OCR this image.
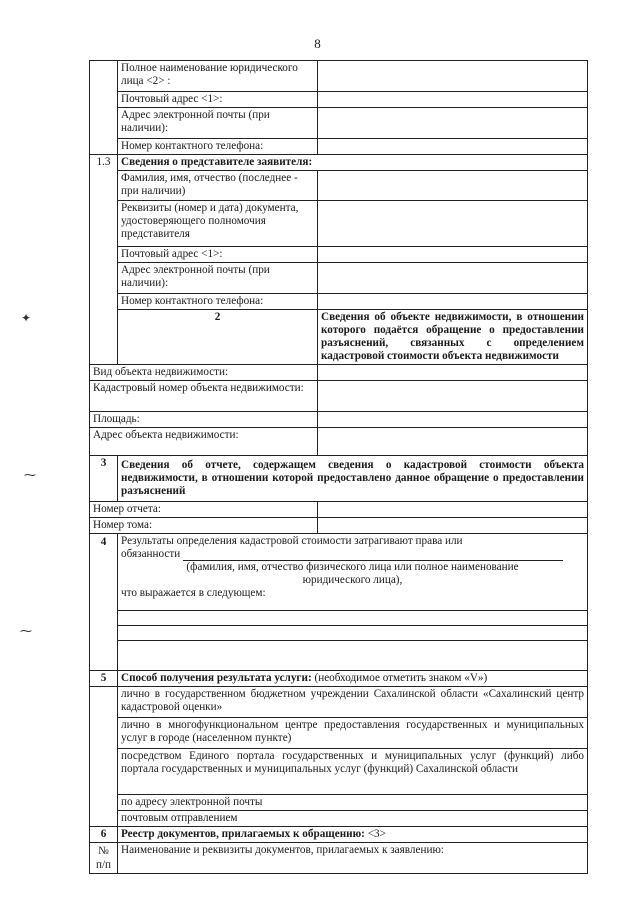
8
✦
⁓
⁓
	Полное наименование юридического лица <2> :	
	Почтовый адрес <1>:	
	Адрес электронной почты (при наличии):	
	Номер контактного телефона:	
1.3	Сведения о представителе заявителя:	
	Фамилия, имя, отчество (последнее - при наличии)	
	Реквизиты (номер и дата) документа, удостоверяющего полномочия представителя	
	Почтовый адрес <1>:	
	Адрес электронной почты (при наличии):	
	Номер контактного телефона:	
	2	Сведения об объекте недвижимости, в отношении которого подаётся обращение о предоставлении разъяснений, связанных с определением кадастровой стоимости объекта недвижимости
Вид объекта недвижимости:		
Кадастровый номер объекта недвижимости:		
Площадь:		
Адрес объекта недвижимости:		
3	Сведения об отчете, содержащем сведения о кадастровой стоимости объекта недвижимости, в отношении которой предоставлено данное обращение о предоставлении разъяснений	
Номер отчета:		
Номер тома:		
4	Результаты определения кадастровой стоимости затрагивают права или
обязанности
(фамилия, имя, отчество физического лица или полное наименование юридического лица),
что выражается в следующем:	

5	Способ получения результата услуги: (необходимое отметить знаком «V»)	
	лично в государственном бюджетном учреждении Сахалинской области «Сахалинский центр кадастровой оценки»	
	лично в многофункциональном центре предоставления государственных и муниципальных услуг в городе (населенном пункте)	
	посредством Единого портала государственных и муниципальных услуг (функций) либо портала государственных и муниципальных услуг (функций) Сахалинской области	
	по адресу электронной почты	
	почтовым отправлением	
6	Реестр документов, прилагаемых к обращению: <3>	
№ п/п	Наименование и реквизиты документов, прилагаемых к заявлению:	
